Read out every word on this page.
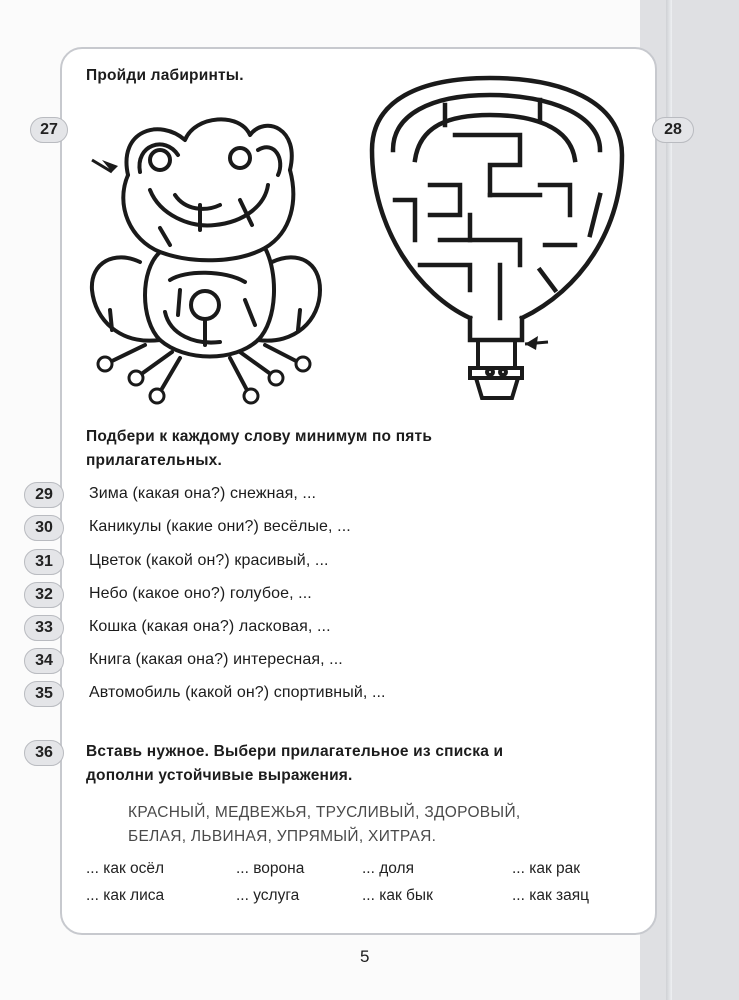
Пройди лабиринты.
27	28
Подбери к каждому слову минимум по пять
прилагательных.
29	Зима (какая она?) снежная, ...
30	Каникулы (какие они?) весёлые, ...
31	Цветок (какой он?) красивый, ...
32	Небо (какое оно?) голубое, ...
33	Кошка (какая она?) ласковая, ...
34	Книга (какая она?) интересная, ...
35	Автомобиль (какой он?) спортивный, ...
36	Вставь нужное. Выбери прилагательное из списка и
дополни устойчивые выражения.
КРАСНЫЙ, МЕДВЕЖЬЯ, ТРУСЛИВЫЙ, ЗДОРОВЫЙ,
БЕЛАЯ, ЛЬВИНАЯ, УПРЯМЫЙ, ХИТРАЯ.
... как осёл	... ворона	... доля	... как рак
... как лиса	... услуга	... как бык	... как заяц
5
